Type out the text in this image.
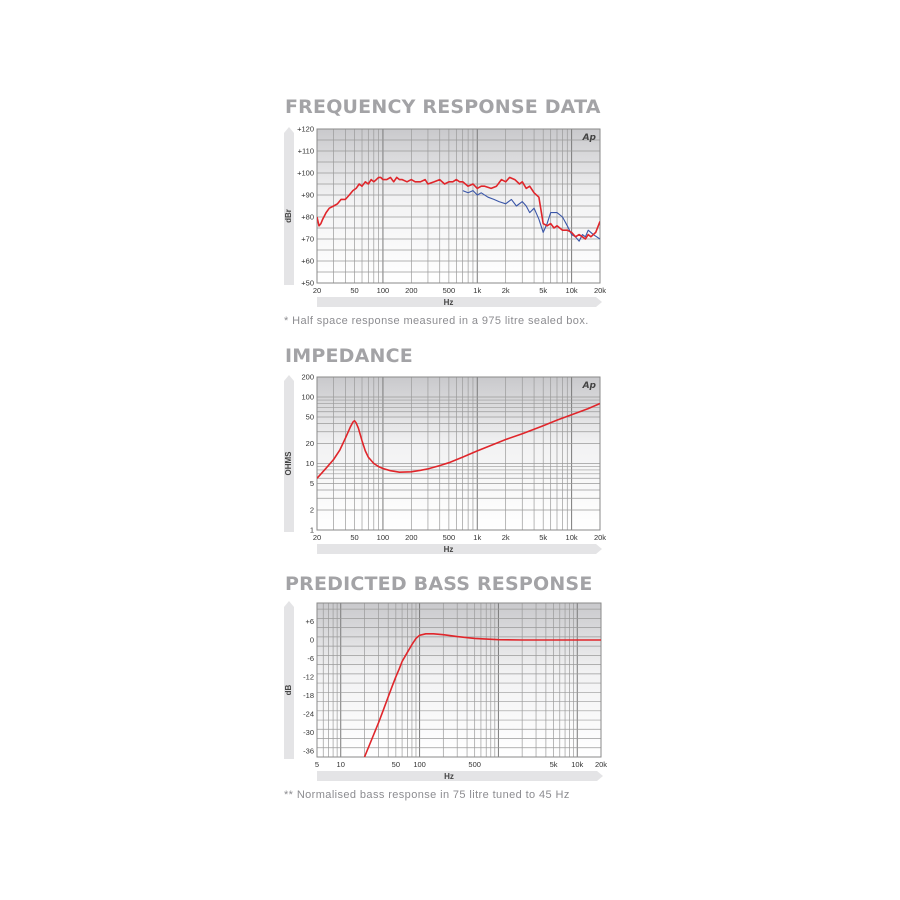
FREQUENCY RESPONSE DATA
+50
+60
+70
+80
+90
+100
+110
+120
20	50 100 200	500 1k	2k	5k 10k 20k
Hz
dBr
Ap
* Half space response measured in a 975 litre sealed box.
IMPEDANCE
1
2
5
10
20
50
100
200
20	50 100 200	500 1k	2k	5k 10k 20k
Hz
OHMS
Ap
PREDICTED BASS RESPONSE
-36
-30
-24
-18
-12
-6
0
+6
5 10	50 100	500	5k 10k 20k
Hz
dB
** Normalised bass response in 75 litre tuned to 45 Hz
